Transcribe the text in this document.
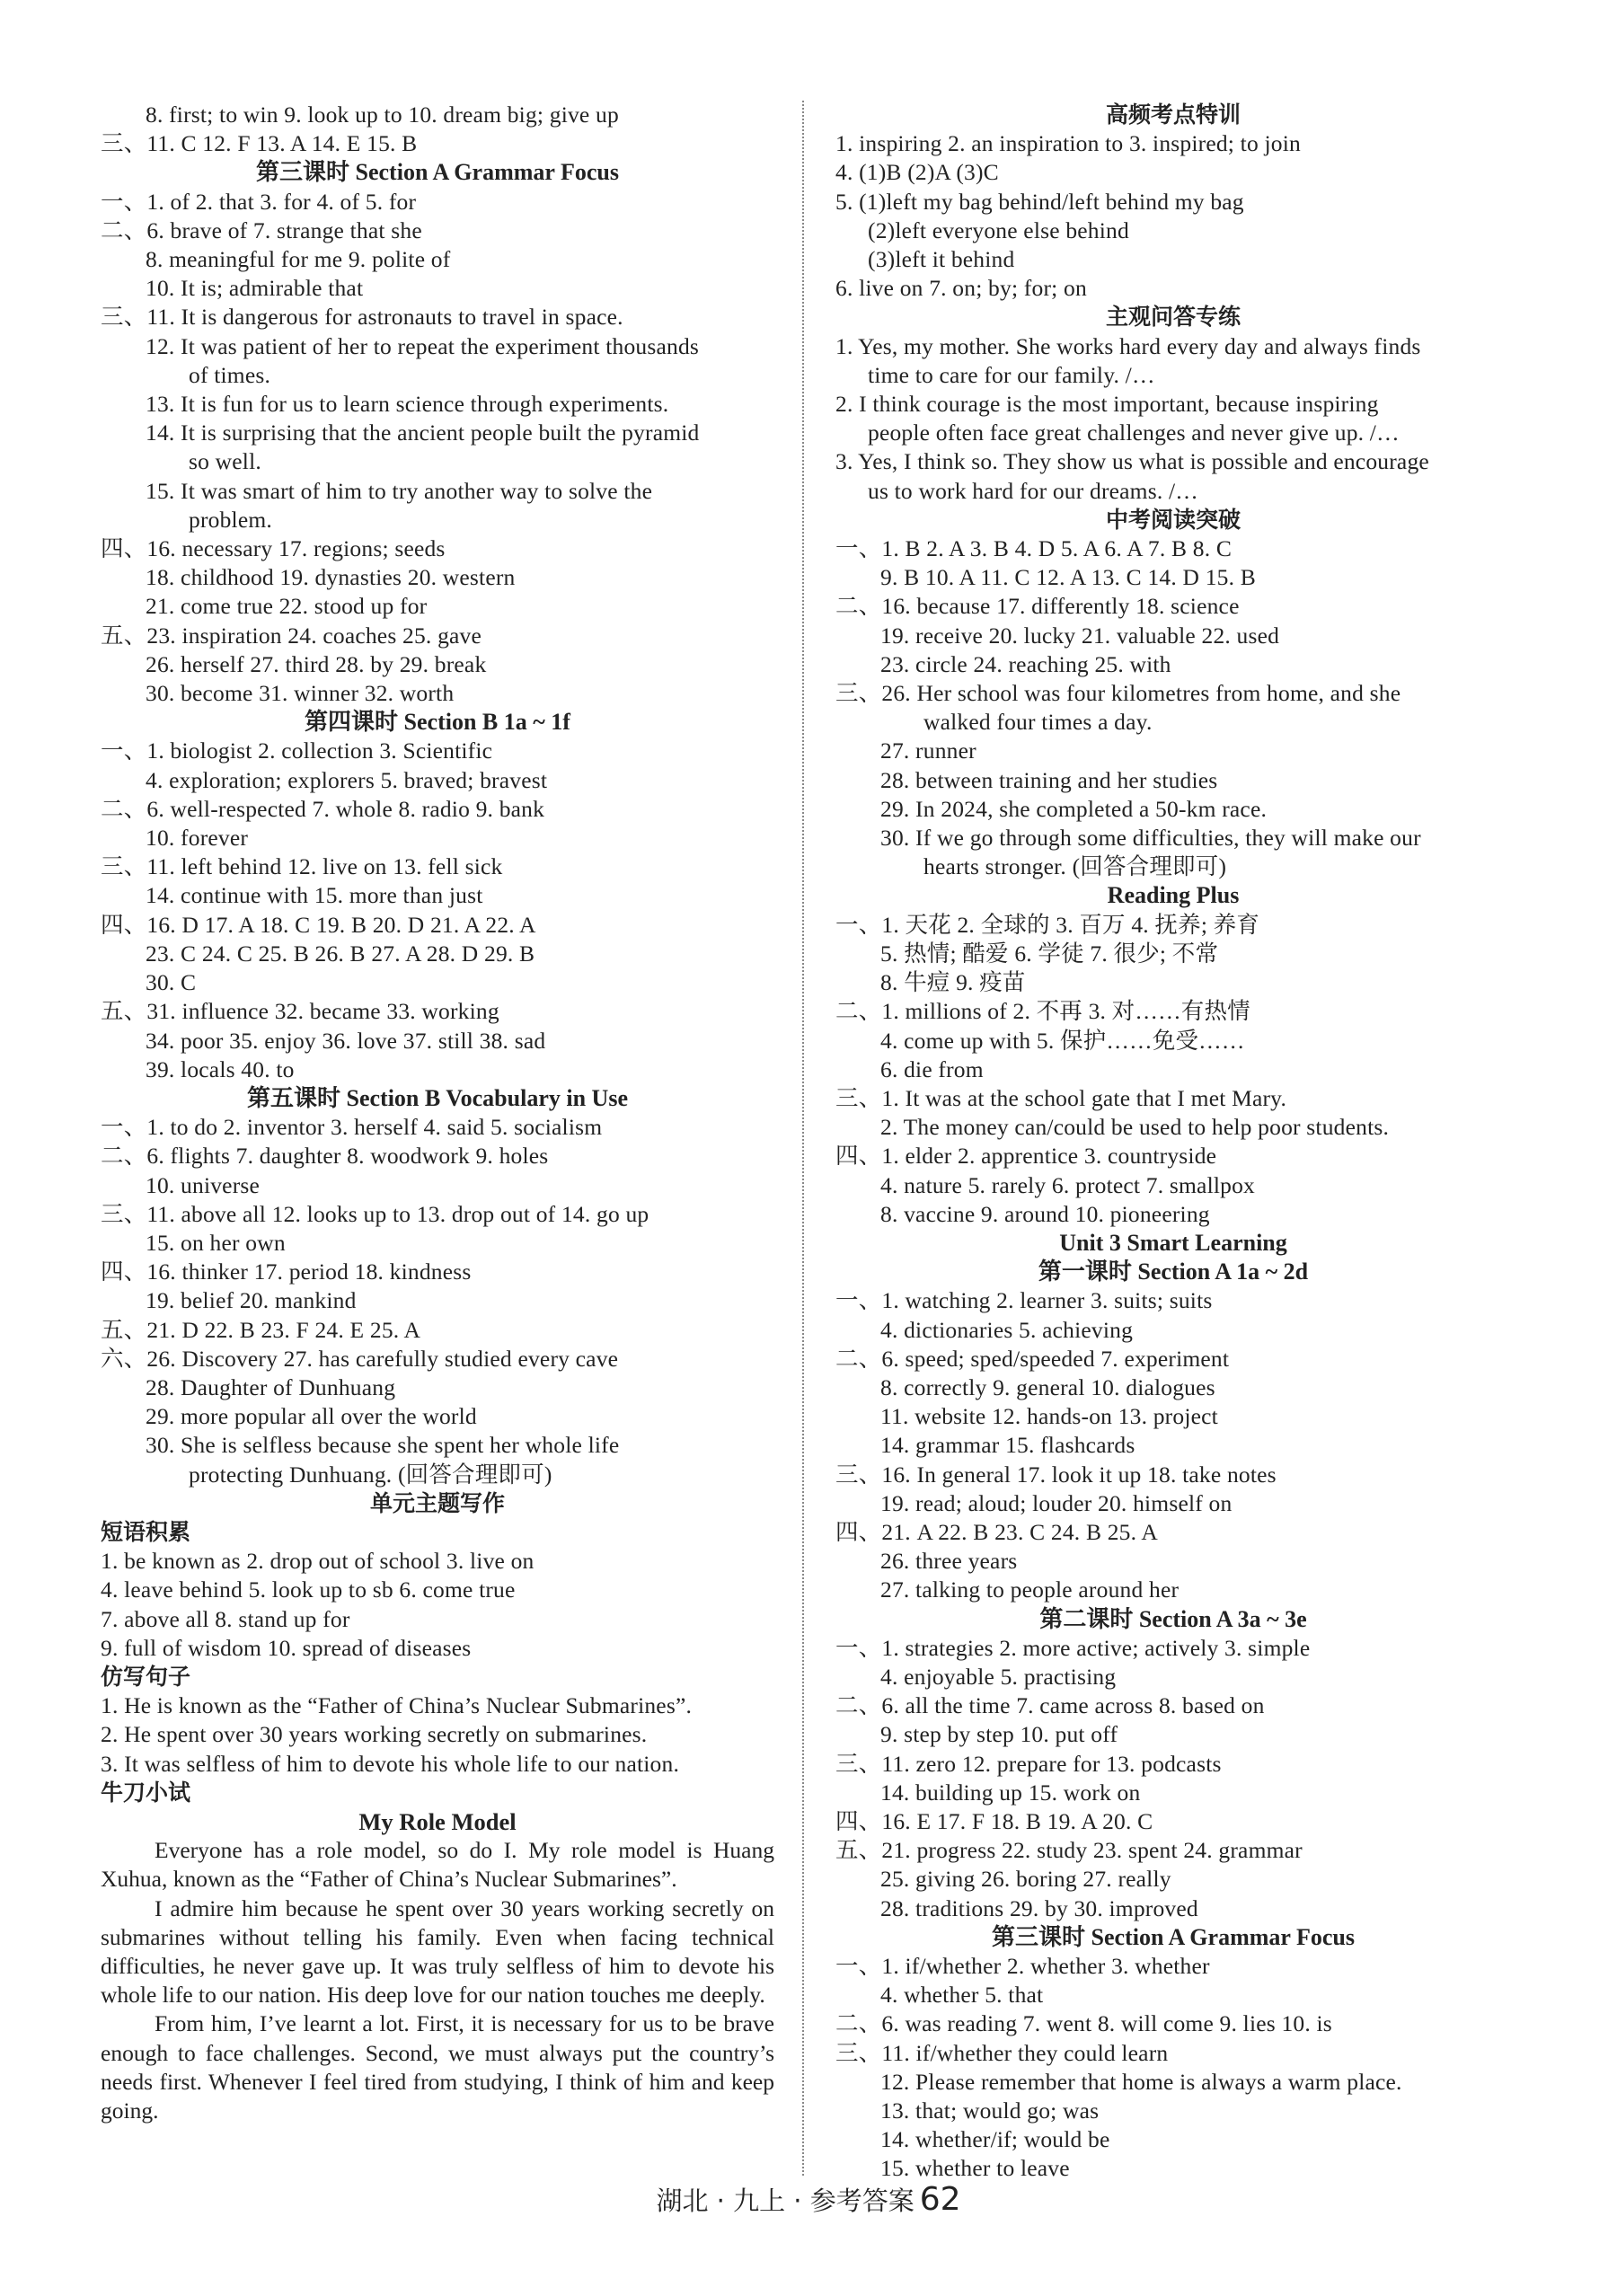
8. first; to win 9. look up to 10. dream big; give up
三、11. C 12. F 13. A 14. E 15. B
第三课时 Section A Grammar Focus
一、1. of 2. that 3. for 4. of 5. for
二、6. brave of 7. strange that she
8. meaningful for me 9. polite of
10. It is; admirable that
三、11. It is dangerous for astronauts to travel in space.
12. It was patient of her to repeat the experiment thousands
of times.
13. It is fun for us to learn science through experiments.
14. It is surprising that the ancient people built the pyramid
so well.
15. It was smart of him to try another way to solve the
problem.
四、16. necessary 17. regions; seeds
18. childhood 19. dynasties 20. western
21. come true 22. stood up for
五、23. inspiration 24. coaches 25. gave
26. herself 27. third 28. by 29. break
30. become 31. winner 32. worth
第四课时 Section B 1a ~ 1f
一、1. biologist 2. collection 3. Scientific
4. exploration; explorers 5. braved; bravest
二、6. well-respected 7. whole 8. radio 9. bank
10. forever
三、11. left behind 12. live on 13. fell sick
14. continue with 15. more than just
四、16. D 17. A 18. C 19. B 20. D 21. A 22. A
23. C 24. C 25. B 26. B 27. A 28. D 29. B
30. C
五、31. influence 32. became 33. working
34. poor 35. enjoy 36. love 37. still 38. sad
39. locals 40. to
第五课时 Section B Vocabulary in Use
一、1. to do 2. inventor 3. herself 4. said 5. socialism
二、6. flights 7. daughter 8. woodwork 9. holes
10. universe
三、11. above all 12. looks up to 13. drop out of 14. go up
15. on her own
四、16. thinker 17. period 18. kindness
19. belief 20. mankind
五、21. D 22. B 23. F 24. E 25. A
六、26. Discovery 27. has carefully studied every cave
28. Daughter of Dunhuang
29. more popular all over the world
30. She is selfless because she spent her whole life
protecting Dunhuang. (回答合理即可)
单元主题写作
短语积累
1. be known as 2. drop out of school 3. live on
4. leave behind 5. look up to sb 6. come true
7. above all 8. stand up for
9. full of wisdom 10. spread of diseases
仿写句子
1. He is known as the “Father of China’s Nuclear Submarines”.
2. He spent over 30 years working secretly on submarines.
3. It was selfless of him to devote his whole life to our nation.
牛刀小试
My Role Model

Everyone has a role model, so do I. My role model is Huang Xuhua, known as the “Father of China’s Nuclear Submarines”.

I admire him because he spent over 30 years working secretly on submarines without telling his family. Even when facing technical difficulties, he never gave up. It was truly selfless of him to devote his whole life to our nation. His deep love for our nation touches me deeply.

From him, I’ve learnt a lot. First, it is necessary for us to be brave enough to face challenges. Second, we must always put the country’s needs first. Whenever I feel tired from studying, I think of him and keep going.

高频考点特训
1. inspiring 2. an inspiration to 3. inspired; to join
4. (1)B (2)A (3)C
5. (1)left my bag behind/left behind my bag
(2)left everyone else behind
(3)left it behind
6. live on 7. on; by; for; on
主观问答专练
1. Yes, my mother. She works hard every day and always finds
time to care for our family. /…
2. I think courage is the most important, because inspiring
people often face great challenges and never give up. /…
3. Yes, I think so. They show us what is possible and encourage
us to work hard for our dreams. /…
中考阅读突破
一、1. B 2. A 3. B 4. D 5. A 6. A 7. B 8. C
9. B 10. A 11. C 12. A 13. C 14. D 15. B
二、16. because 17. differently 18. science
19. receive 20. lucky 21. valuable 22. used
23. circle 24. reaching 25. with
三、26. Her school was four kilometres from home, and she
walked four times a day.
27. runner
28. between training and her studies
29. In 2024, she completed a 50-km race.
30. If we go through some difficulties, they will make our
hearts stronger. (回答合理即可)
Reading Plus
一、1. 天花 2. 全球的 3. 百万 4. 抚养; 养育
5. 热情; 酷爱 6. 学徒 7. 很少; 不常
8. 牛痘 9. 疫苗
二、1. millions of 2. 不再 3. 对……有热情
4. come up with 5. 保护……免受……
6. die from
三、1. It was at the school gate that I met Mary.
2. The money can/could be used to help poor students.
四、1. elder 2. apprentice 3. countryside
4. nature 5. rarely 6. protect 7. smallpox
8. vaccine 9. around 10. pioneering
Unit 3 Smart Learning
第一课时 Section A 1a ~ 2d
一、1. watching 2. learner 3. suits; suits
4. dictionaries 5. achieving
二、6. speed; sped/speeded 7. experiment
8. correctly 9. general 10. dialogues
11. website 12. hands-on 13. project
14. grammar 15. flashcards
三、16. In general 17. look it up 18. take notes
19. read; aloud; louder 20. himself on
四、21. A 22. B 23. C 24. B 25. A
26. three years
27. talking to people around her
第二课时 Section A 3a ~ 3e
一、1. strategies 2. more active; actively 3. simple
4. enjoyable 5. practising
二、6. all the time 7. came across 8. based on
9. step by step 10. put off
三、11. zero 12. prepare for 13. podcasts
14. building up 15. work on
四、16. E 17. F 18. B 19. A 20. C
五、21. progress 22. study 23. spent 24. grammar
25. giving 26. boring 27. really
28. traditions 29. by 30. improved
第三课时 Section A Grammar Focus
一、1. if/whether 2. whether 3. whether
4. whether 5. that
二、6. was reading 7. went 8. will come 9. lies 10. is
三、11. if/whether they could learn
12. Please remember that home is always a warm place.
13. that; would go; was
14. whether/if; would be
15. whether to leave
湖北 · 九上 · 参考答案 62
